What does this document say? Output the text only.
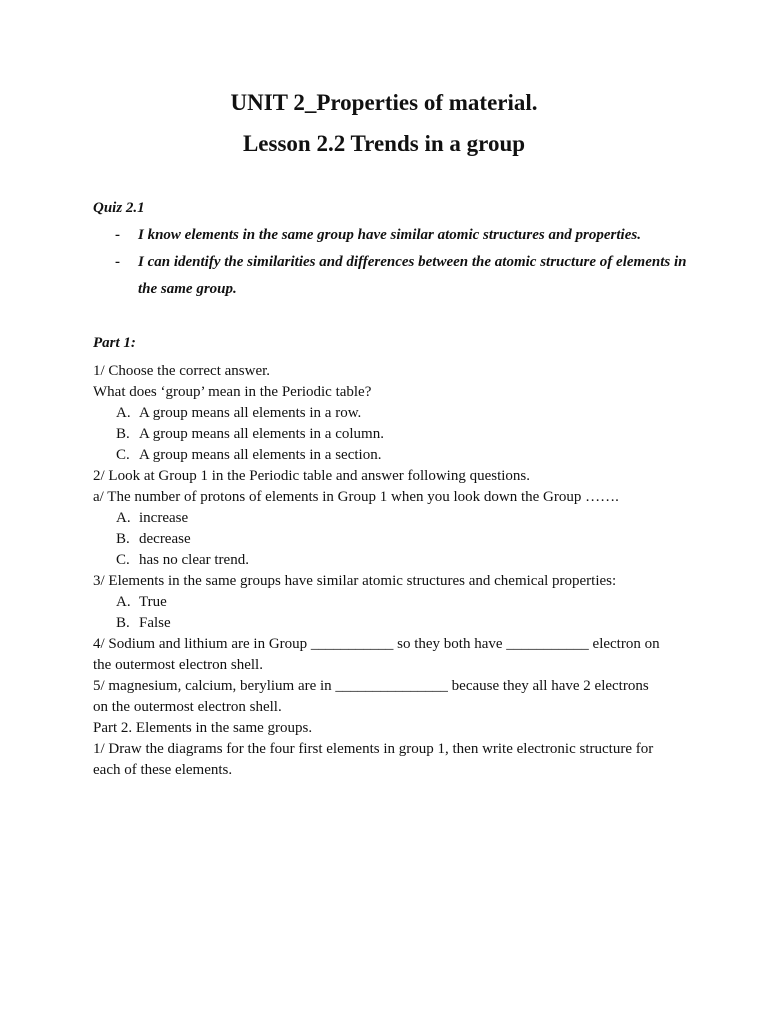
UNIT 2_Properties of material.
Lesson 2.2 Trends in a group
Quiz 2.1
- I know elements in the same group have similar atomic structures and properties.
- I can identify the similarities and differences between the atomic structure of elements in the same group.
Part 1:
1/ Choose the correct answer.
What does ‘group’ mean in the Periodic table?
A. A group means all elements in a row.
B. A group means all elements in a column.
C. A group means all elements in a section.
2/ Look at Group 1 in the Periodic table and answer following questions.
a/ The number of protons of elements in Group 1 when you look down the Group …….
A. increase
B. decrease
C. has no clear trend.
3/ Elements in the same groups have similar atomic structures and chemical properties:
A. True
B. False
4/ Sodium and lithium are in Group ___________ so they both have ___________ electron on the outermost electron shell.
5/ magnesium, calcium, berylium are in _______________ because they all have 2 electrons on the outermost electron shell.
Part 2. Elements in the same groups.
1/ Draw the diagrams for the four first elements in group 1, then write electronic structure for each of these elements.
